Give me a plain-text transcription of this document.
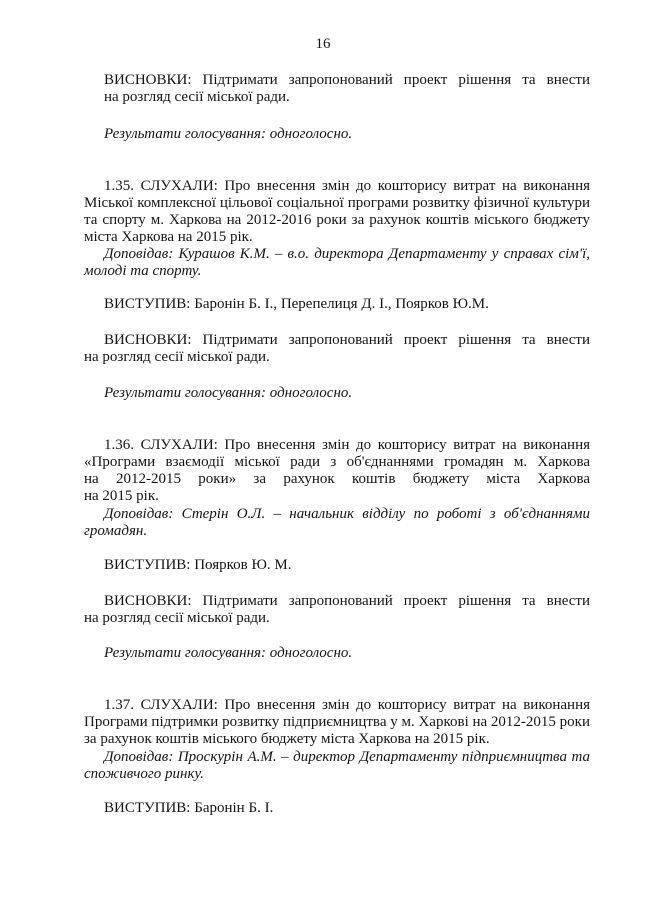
16

ВИСНОВКИ: Підтримати запропонований проект рішення та внести
на розгляд сесії міської ради.

Результати голосування: одноголосно.

1.35. СЛУХАЛИ: Про внесення змін до кошторису витрат на виконання
Міської комплексної цільової соціальної програми розвитку фізичної культури
та спорту м. Харкова на 2012-2016 роки за рахунок коштів міського бюджету
міста Харкова на 2015 рік.

Доповідав: Курашов К.М. – в.о. директора Департаменту у справах сім'ї,
молоді та спорту.

ВИСТУПИВ: Баронін Б. І., Перепелиця Д. І., Поярков Ю.М.

ВИСНОВКИ: Підтримати запропонований проект рішення та внести
на розгляд сесії міської ради.

Результати голосування: одноголосно.

1.36. СЛУХАЛИ: Про внесення змін до кошторису витрат на виконання
«Програми взаємодії міської ради з об'єднаннями громадян м. Харкова
на 2012-2015 роки» за рахунок коштів бюджету міста Харкова
на 2015 рік.

Доповідав: Стерін О.Л. – начальник відділу по роботі з об'єднаннями
громадян.

ВИСТУПИВ: Поярков Ю. М.

ВИСНОВКИ: Підтримати запропонований проект рішення та внести
на розгляд сесії міської ради.

Результати голосування: одноголосно.

1.37. СЛУХАЛИ: Про внесення змін до кошторису витрат на виконання
Програми підтримки розвитку підприємництва у м. Харкові на 2012-2015 роки
за рахунок коштів міського бюджету міста Харкова на 2015 рік.

Доповідав: Проскурін А.М. – директор Департаменту підприємництва та
споживчого ринку.

ВИСТУПИВ: Баронін Б. І.
